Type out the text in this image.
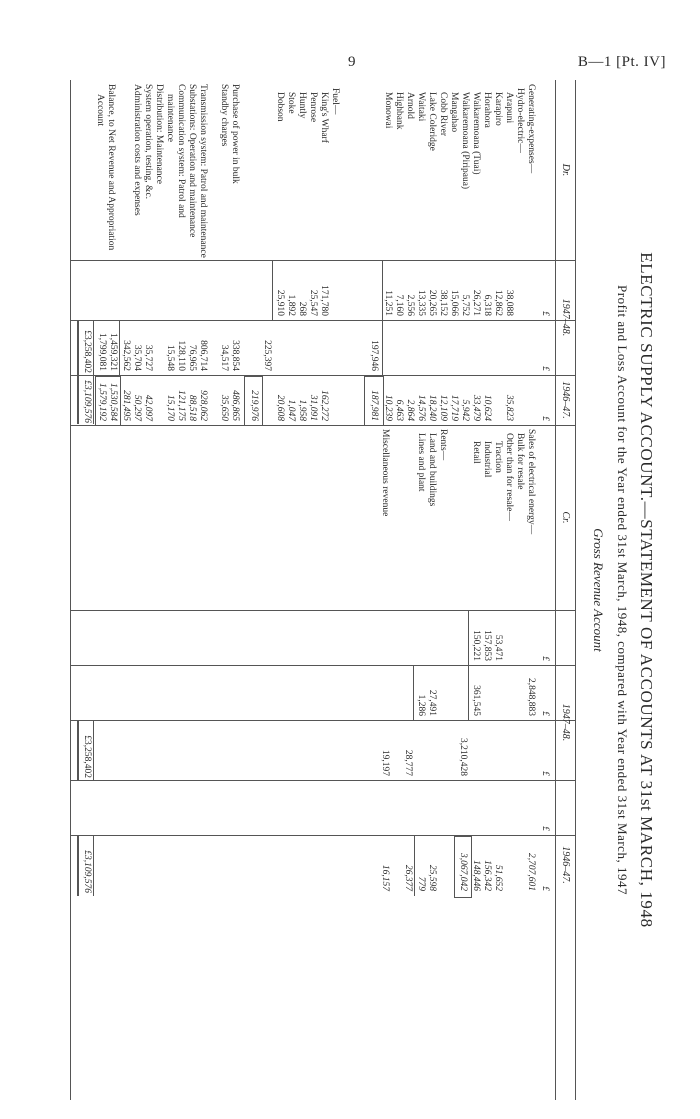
9	B—1 [Pt. IV]
ELECTRIC SUPPLY ACCOUNT.—STATEMENT OF ACCOUNTS AT 31st MARCH, 1948
Profit and Loss Account for the Year ended 31st March, 1948, compared with Year ended 31st March, 1947
Gross Revenue Account
Dr.
1947–48.
1946–47.
Cr.
1947–48.
1946–47.
£
£
£
£
£
£
£
£
Generating-expenses—
Hydro-electric—
Arapuni
Karapiro
Horahora
Waikaremoana (Tuai)
Waikaremoana (Piripaua)
Mangahao
Cobb River
Lake Coleridge
Waitaki
Arnold
Highbank
Monowai
38,088
12,862
6,318
26,271
5,752
15,066
38,152
20,265
13,335
2,556
7,160
11,251
197,946
35,823
10,624
33,479
5,942
17,719
12,109
18,240
14,576
2,864
6,463
10,239
187,981
Fuel—
King's Wharf
Penrose
Huntly
Stoke
Dobson
171,780
25,547
268
1,892
25,910
225,397
162,272
31,091
1,958
1,047
20,608
219,976
Purchase of power in bulk
Standby charges
338,854
34,517
486,865
35,650
Transmission system: Patrol and maintenance
Substations: Operation and maintenance
Communication system: Patrol and
maintenance
Distribution: Maintenance
System operation, testing, &c.
Administration costs and expenses
806,714
76,965
128,110
15,548
35,727
35,704
342,562
928,062
88,518
121,175
15,170
42,097
50,297
281,495
1,459,321
1,799,081
1,530,584
1,579,192
Balance, to Net Revenue and Appropriation
Account
£3,258,402
£3,109,576
Sales of electrical energy—
Bulk for resale
Other than for resale—
Traction
Industrial
Retail
53,471
157,853
150,221
2,848,883
361,545
3,210,428
2,707,601
51,652
156,342
148,446
3,067,042
Rents—
Land and buildings
Lines and plant
27,491
1,286
28,777
25,598
779
26,377
Miscellaneous revenue
19,197
16,157
£3,258,402
£3,109,576
